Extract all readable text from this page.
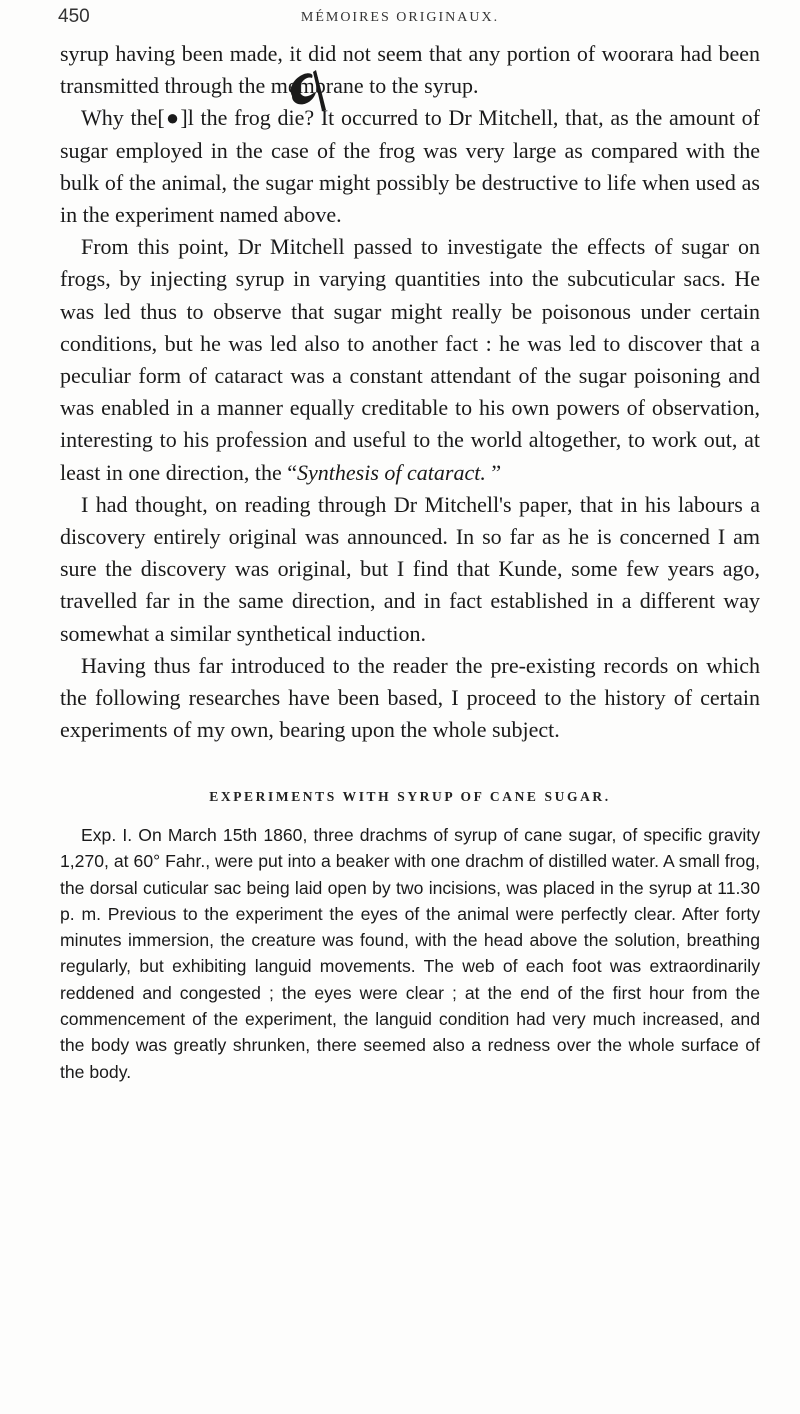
450	MÉMOIRES ORIGINAUX.

syrup having been made, it did not seem that any portion of woorara had been transmitted through the membrane to the syrup.

Why the[●]l the frog die? It occurred to Dr Mitchell, that, as the amount of sugar employed in the case of the frog was very large as compared with the bulk of the animal, the sugar might possibly be destructive to life when used as in the experiment named above.

From this point, Dr Mitchell passed to investigate the effects of sugar on frogs, by injecting syrup in varying quantities into the subcuticular sacs. He was led thus to observe that sugar might really be poisonous under certain conditions, but he was led also to another fact : he was led to discover that a peculiar form of cataract was a constant attendant of the sugar poisoning and was enabled in a manner equally creditable to his own powers of observation, interesting to his profession and useful to the world altogether, to work out, at least in one direction, the “Synthesis of cataract. ”

I had thought, on reading through Dr Mitchell's paper, that in his labours a discovery entirely original was announced. In so far as he is concerned I am sure the discovery was original, but I find that Kunde, some few years ago, travelled far in the same direction, and in fact established in a different way somewhat a similar synthetical induction.

Having thus far introduced to the reader the pre-existing records on which the following researches have been based, I proceed to the history of certain experiments of my own, bearing upon the whole subject.

EXPERIMENTS WITH SYRUP OF CANE SUGAR.

Exp. I. On March 15th 1860, three drachms of syrup of cane sugar, of specific gravity 1,270, at 60° Fahr., were put into a beaker with one drachm of distilled water. A small frog, the dorsal cuticular sac being laid open by two incisions, was placed in the syrup at 11.30 p. m. Previous to the experiment the eyes of the animal were perfectly clear. After forty minutes immersion, the creature was found, with the head above the solution, breathing regularly, but exhibiting languid movements. The web of each foot was extraordinarily reddened and congested ; the eyes were clear ; at the end of the first hour from the commencement of the experiment, the languid condition had very much increased, and the body was greatly shrunken, there seemed also a redness over the whole surface of the body.
